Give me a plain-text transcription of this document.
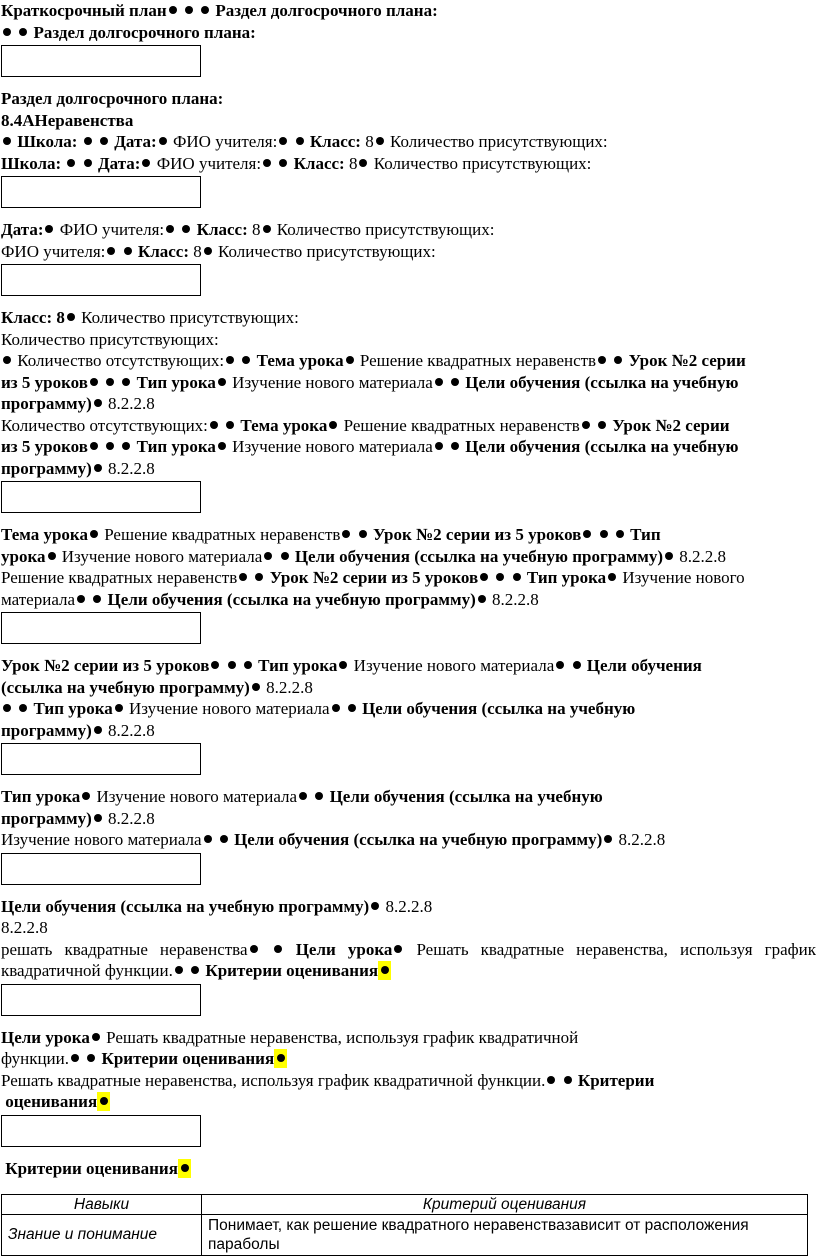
Краткосрочный план	Раздел долгосрочного плана:

Раздел долгосрочного плана:

Раздел долгосрочного плана:

8.4АНеравенства

Школа: Дата: ФИО учителя: Класс: 8 Количество присутствующих:

Школа: Дата: ФИО учителя: Класс: 8 Количество присутствующих:

Дата: ФИО учителя: Класс: 8 Количество присутствующих:

ФИО учителя: Класс: 8 Количество присутствующих:

Класс: 8 Количество присутствующих:

Количество присутствующих:

Количество отсутствующих: Тема урока Решение квадратных неравенств Урок №2 серии

из 5 уроков	Тип урока Изучение нового материала Цели обучения (ссылка на учебную

программу) 8.2.2.8

Количество отсутствующих: Тема урока Решение квадратных неравенств Урок №2 серии

из 5 уроков	Тип урока Изучение нового материала Цели обучения (ссылка на учебную

программу) 8.2.2.8

Тема урока Решение квадратных неравенств Урок №2 серии из 5 уроков	Тип

урока Изучение нового материала Цели обучения (ссылка на учебную программу) 8.2.2.8

Решение квадратных неравенств Урок №2 серии из 5 уроков	Тип урока Изучение нового

материала Цели обучения (ссылка на учебную программу) 8.2.2.8

Урок №2 серии из 5 уроков	Тип урока Изучение нового материала Цели обучения

(ссылка на учебную программу) 8.2.2.8

Тип урока Изучение нового материала Цели обучения (ссылка на учебную

программу) 8.2.2.8

Тип урока Изучение нового материала Цели обучения (ссылка на учебную

программу) 8.2.2.8

Изучение нового материала Цели обучения (ссылка на учебную программу) 8.2.2.8

Цели обучения (ссылка на учебную программу) 8.2.2.8

8.2.2.8

решать квадратные неравенства	Цели урока Решать квадратные неравенства, используя график

квадратичной функции. Критерии оценивания

Цели урока Решать квадратные неравенства, используя график квадратичной

функции. Критерии оценивания

Решать квадратные неравенства, используя график квадратичной функции. Критерии

оценивания

Критерии оценивания

Навыки	Критерий оценивания
Знание и понимание	Понимает, как решение квадратного неравенствазависит от расположения параболы
